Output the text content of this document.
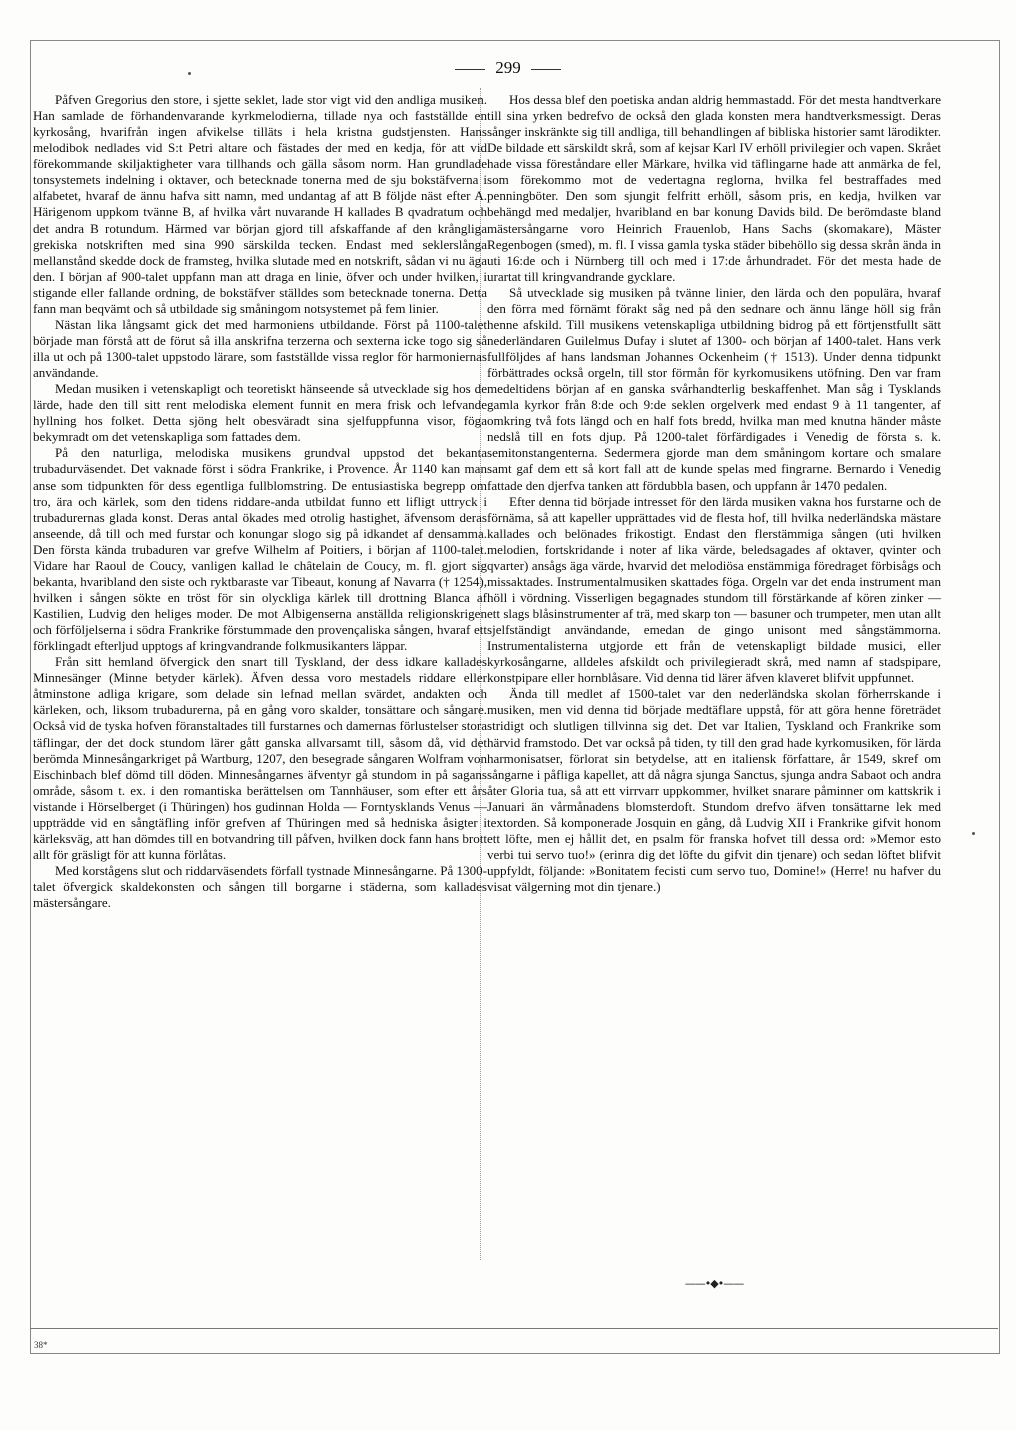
299

Påfven Gregorius den store, i sjette seklet, lade stor vigt vid den andliga musiken. Han samlade de förhandenvarande kyrkmelodierna, tillade nya och fastställde en kyrkosång, hvarifrån ingen afvikelse tilläts i hela kristna gudstjensten. Hans melodibok nedlades vid S:t Petri altare och fästades der med en kedja, för att vid förekommande skiljaktigheter vara tillhands och gälla såsom norm. Han grundlade tonsystemets indelning i oktaver, och betecknade tonerna med de sju bokstäfverna i alfabetet, hvaraf de ännu hafva sitt namn, med undantag af att B följde näst efter A. Härigenom uppkom tvänne B, af hvilka vårt nuvarande H kallades B qvadratum och det andra B rotundum. Härmed var början gjord till afskaffande af den krångliga grekiska notskriften med sina 990 särskilda tecken. Endast med seklerslånga mellanstånd skedde dock de framsteg, hvilka slutade med en notskrift, sådan vi nu äga den. I början af 900-talet uppfann man att draga en linie, öfver och under hvilken, i stigande eller fallande ordning, de bokstäfver ställdes som betecknade tonerna. Detta fann man beqvämt och så utbildade sig småningom notsystemet på fem linier.

Nästan lika långsamt gick det med harmoniens utbildande. Först på 1100-talet började man förstå att de förut så illa anskrifna terzerna och sexterna icke togo sig så illa ut och på 1300-talet uppstodo lärare, som fastställde vissa reglor för harmoniernas användande.

Medan musiken i vetenskapligt och teoretiskt hänseende så utvecklade sig hos de lärde, hade den till sitt rent melodiska element funnit en mera frisk och lefvande hyllning hos folket. Detta sjöng helt obesväradt sina sjelfuppfunna visor, föga bekymradt om det vetenskapliga som fattades dem.

På den naturliga, melodiska musikens grundval uppstod det bekanta trubadurväsendet. Det vaknade först i södra Frankrike, i Provence. År 1140 kan man anse som tidpunkten för dess egentliga fullblomstring. De entusiastiska begrepp om tro, ära och kärlek, som den tidens riddare-anda utbildat funno ett lifligt uttryck i trubadurernas glada konst. Deras antal ökades med otrolig hastighet, äfvensom deras anseende, då till och med furstar och konungar slogo sig på idkandet af densamma. Den första kända trubaduren var grefve Wilhelm af Poitiers, i början af 1100-talet. Vidare har Raoul de Coucy, vanligen kallad le châtelain de Coucy, m. fl. gjort sig bekanta, hvaribland den siste och ryktbaraste var Tibeaut, konung af Navarra († 1254), hvilken i sången sökte en tröst för sin olyckliga kärlek till drottning Blanca af Kastilien, Ludvig den heliges moder. De mot Albigenserna anställda religionskrigen och förföljelserna i södra Frankrike förstummade den provençaliska sången, hvaraf ett förklingadt efterljud upptogs af kringvandrande folkmusikanters läppar.

Från sitt hemland öfvergick den snart till Tyskland, der dess idkare kallades Minnesänger (Minne betyder kärlek). Äfven dessa voro mestadels riddare eller åtminstone adliga krigare, som delade sin lefnad mellan svärdet, andakten och kärleken, och, liksom trubadurerna, på en gång voro skalder, tonsättare och sångare. Också vid de tyska hofven föranstaltades till furstarnes och damernas förlustelser stora täflingar, der det dock stundom lärer gått ganska allvarsamt till, såsom då, vid det berömda Minnesångarkriget på Wartburg, 1207, den besegrade sångaren Wolfram von Eischinbach blef dömd till döden. Minnesångarnes äfventyr gå stundom in på sagans område, såsom t. ex. i den romantiska berättelsen om Tannhäuser, som efter ett års vistande i Hörselberget (i Thüringen) hos gudinnan Holda — Forntysklands Venus — uppträdde vid en sångtäfling inför grefven af Thüringen med så hedniska åsigter i kärleksväg, att han dömdes till en botvandring till påfven, hvilken dock fann hans brott allt för gräsligt för att kunna förlåtas.

Med korstågens slut och riddarväsendets förfall tystnade Minnesångarne. På 1300-talet öfvergick skaldekonsten och sången till borgarne i städerna, som kallades mästersångare.

Hos dessa blef den poetiska andan aldrig hemmastadd. För det mesta handtverkare till sina yrken bedrefvo de också den glada konsten mera handtverksmessigt. Deras sånger inskränkte sig till andliga, till behandlingen af bibliska historier samt lärodikter. De bildade ett särskildt skrå, som af kejsar Karl IV erhöll privilegier och vapen. Skrået hade vissa föreståndare eller Märkare, hvilka vid täflingarne hade att anmärka de fel, som förekommo mot de vedertagna reglorna, hvilka fel bestraffades med penningböter. Den som sjungit felfritt erhöll, såsom pris, en kedja, hvilken var behängd med medaljer, hvaribland en bar konung Davids bild. De berömdaste bland mästersångarne voro Heinrich Frauenlob, Hans Sachs (skomakare), Mäster Regenbogen (smed), m. fl. I vissa gamla tyska städer bibehöllo sig dessa skrån ända in uti 16:de och i Nürnberg till och med i 17:de århundradet. För det mesta hade de urartat till kringvandrande gycklare.

Så utvecklade sig musiken på tvänne linier, den lärda och den populära, hvaraf den förra med förnämt förakt såg ned på den sednare och ännu länge höll sig från henne afskild. Till musikens vetenskapliga utbildning bidrog på ett förtjenstfullt sätt nederländaren Guilelmus Dufay i slutet af 1300- och början af 1400-talet. Hans verk fullföljdes af hans landsman Johannes Ockenheim († 1513). Under denna tidpunkt förbättrades också orgeln, till stor förmån för kyrkomusikens utöfning. Den var fram medeltidens början af en ganska svårhandterlig beskaffenhet. Man såg i Tysklands gamla kyrkor från 8:de och 9:de seklen orgelverk med endast 9 à 11 tangenter, af omkring två fots längd och en half fots bredd, hvilka man med knutna händer måste nedslå till en fots djup. På 1200-talet förfärdigades i Venedig de första s. k. semitonstangenterna. Sedermera gjorde man dem småningom kortare och smalare samt gaf dem ett så kort fall att de kunde spelas med fingrarne. Bernardo i Venedig fattade den djerfva tanken att fördubbla basen, och uppfann år 1470 pedalen.

Efter denna tid började intresset för den lärda musiken vakna hos furstarne och de förnäma, så att kapeller upprättades vid de flesta hof, till hvilka nederländska mästare kallades och belönades frikostigt. Endast den flerstämmiga sången (uti hvilken melodien, fortskridande i noter af lika värde, beledsagades af oktaver, qvinter och qvarter) ansågs äga värde, hvarvid det melodiösa enstämmiga föredraget förbisågs och missaktades. Instrumentalmusiken skattades föga. Orgeln var det enda instrument man höll i vördning. Visserligen begagnades stundom till förstärkande af kören zinker — ett slags blåsinstrumenter af trä, med skarp ton — basuner och trumpeter, men utan allt sjelfständigt användande, emedan de gingo unisont med sångstämmorna. Instrumentalisterna utgjorde ett från de vetenskapligt bildade musici, eller kyrkosångarne, alldeles afskildt och privilegieradt skrå, med namn af stadspipare, konstpipare eller hornblåsare. Vid denna tid lärer äfven klaveret blifvit uppfunnet.

Ända till medlet af 1500-talet var den nederländska skolan förherrskande i musiken, men vid denna tid började medtäflare uppstå, för att göra henne företrädet stridigt och slutligen tillvinna sig det. Det var Italien, Tyskland och Frankrike som härvid framstodo. Det var också på tiden, ty till den grad hade kyrkomusiken, för lärda harmonisatser, förlorat sin betydelse, att en italiensk författare, år 1549, skref om sångarne i påfliga kapellet, att då några sjunga Sanctus, sjunga andra Sabaot och andra åter Gloria tua, så att ett virrvarr uppkommer, hvilket snarare påminner om kattskrik i Januari än vårmånadens blomsterdoft. Stundom drefvo äfven tonsättarne lek med textorden. Så komponerade Josquin en gång, då Ludvig XII i Frankrike gifvit honom ett löfte, men ej hållit det, en psalm för franska hofvet till dessa ord: »Memor esto verbi tui servo tuo!» (erinra dig det löfte du gifvit din tjenare) och sedan löftet blifvit uppfyldt, följande: »Bonitatem fecisti cum servo tuo, Domine!» (Herre! nu hafver du visat välgerning mot din tjenare.)

——•◆•——
38*
